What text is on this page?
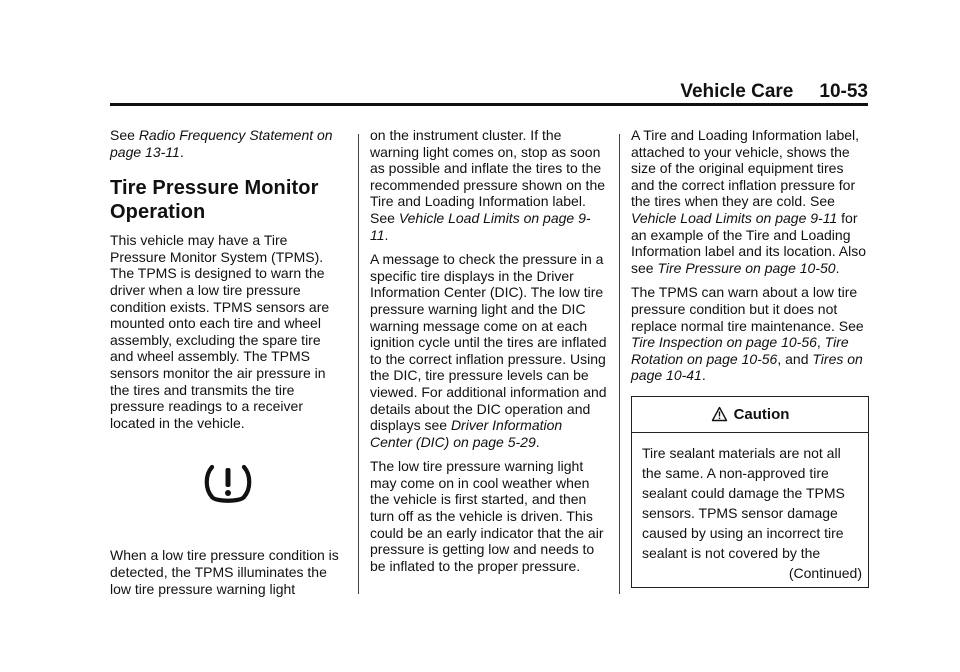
Vehicle Care 10-53

See Radio Frequency Statement on page 13-11.

Tire Pressure Monitor Operation

This vehicle may have a Tire Pressure Monitor System (TPMS). The TPMS is designed to warn the driver when a low tire pressure condition exists. TPMS sensors are mounted onto each tire and wheel assembly, excluding the spare tire and wheel assembly. The TPMS sensors monitor the air pressure in the tires and transmits the tire pressure readings to a receiver located in the vehicle.

When a low tire pressure condition is detected, the TPMS illuminates the low tire pressure warning light

on the instrument cluster. If the warning light comes on, stop as soon as possible and inflate the tires to the recommended pressure shown on the Tire and Loading Information label. See Vehicle Load Limits on page 9-11.

A message to check the pressure in a specific tire displays in the Driver Information Center (DIC). The low tire pressure warning light and the DIC warning message come on at each ignition cycle until the tires are inflated to the correct inflation pressure. Using the DIC, tire pressure levels can be viewed. For additional information and details about the DIC operation and displays see Driver Information Center (DIC) on page 5-29.

The low tire pressure warning light may come on in cool weather when the vehicle is first started, and then turn off as the vehicle is driven. This could be an early indicator that the air pressure is getting low and needs to be inflated to the proper pressure.

A Tire and Loading Information label, attached to your vehicle, shows the size of the original equipment tires and the correct inflation pressure for the tires when they are cold. See Vehicle Load Limits on page 9-11 for an example of the Tire and Loading Information label and its location. Also see Tire Pressure on page 10-50.

The TPMS can warn about a low tire pressure condition but it does not replace normal tire maintenance. See Tire Inspection on page 10-56, Tire Rotation on page 10-56, and Tires on page 10-41.

Caution
Tire sealant materials are not all the same. A non-approved tire sealant could damage the TPMS sensors. TPMS sensor damage caused by using an incorrect tire sealant is not covered by the
(Continued)
